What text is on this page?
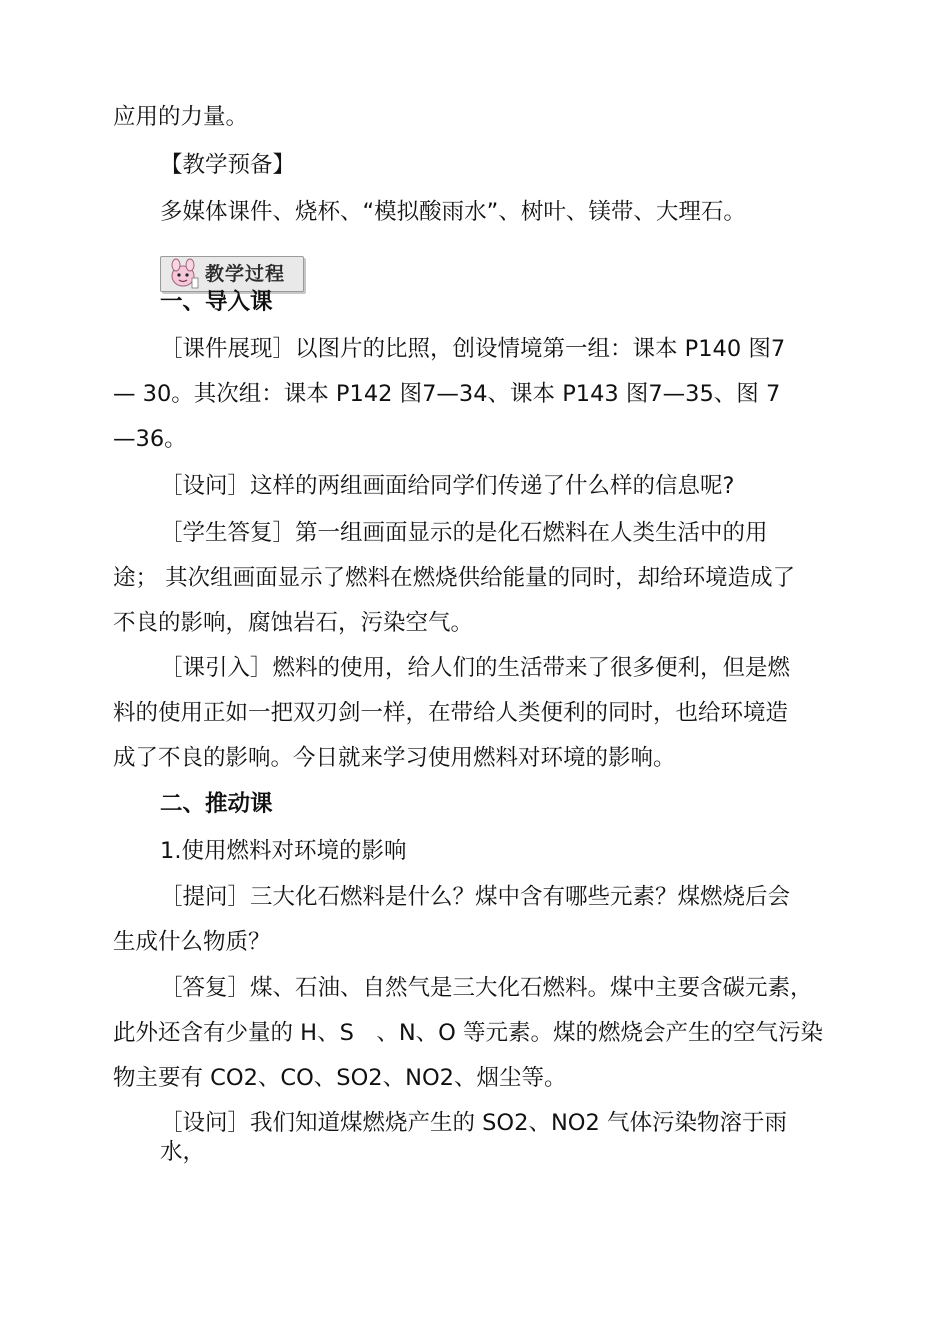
应用的力量。

【教学预备】

多媒体课件、烧杯、“模拟酸雨水”、树叶、镁带、大理石。

教学过程

一、导入课

［课件展现］以图片的比照，创设情境第一组：课本 P140 图7

— 30。其次组：课本 P142 图7—34、课本 P143 图7—35、图 7

—36。

［设问］这样的两组画面给同学们传递了什么样的信息呢?

［学生答复］第一组画面显示的是化石燃料在人类生活中的用

途； 其次组画面显示了燃料在燃烧供给能量的同时，却给环境造成了

不良的影响，腐蚀岩石，污染空气。

［课引入］燃料的使用，给人们的生活带来了很多便利，但是燃

料的使用正如一把双刃剑一样，在带给人类便利的同时，也给环境造

成了不良的影响。今日就来学习使用燃料对环境的影响。

二、推动课

1.使用燃料对环境的影响

［提问］三大化石燃料是什么？煤中含有哪些元素？煤燃烧后会

生成什么物质？

［答复］煤、石油、自然气是三大化石燃料。煤中主要含碳元素，

此外还含有少量的 H、S　、N、O 等元素。煤的燃烧会产生的空气污染

物主要有 CO2、CO、SO2、NO2、烟尘等。

［设问］我们知道煤燃烧产生的 SO2、NO2 气体污染物溶于雨

水，
